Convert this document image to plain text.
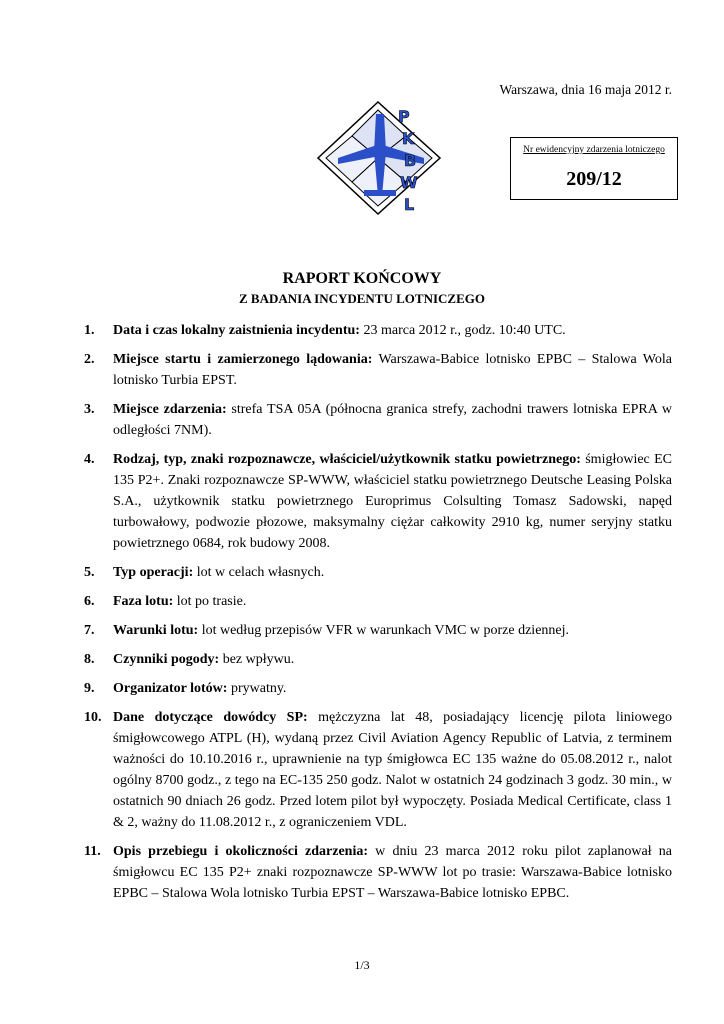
Warszawa, dnia 16 maja 2012 r.
P
K
B
W
L
Nr ewidencyjny zdarzenia lotniczego
209/12
RAPORT KOŃCOWY
Z BADANIA INCYDENTU LOTNICZEGO
1. Data i czas lokalny zaistnienia incydentu: 23 marca 2012 r., godz. 10:40 UTC.
2. Miejsce startu i zamierzonego lądowania: Warszawa-Babice lotnisko EPBC – Stalowa Wola lotnisko Turbia EPST.
3. Miejsce zdarzenia: strefa TSA 05A (północna granica strefy, zachodni trawers lotniska EPRA w odległości 7NM).
4. Rodzaj, typ, znaki rozpoznawcze, właściciel/użytkownik statku powietrznego: śmigłowiec EC 135 P2+. Znaki rozpoznawcze SP-WWW, właściciel statku powietrznego Deutsche Leasing Polska S.A., użytkownik statku powietrznego Europrimus Colsulting Tomasz Sadowski, napęd turbowałowy, podwozie płozowe, maksymalny ciężar całkowity 2910 kg, numer seryjny statku powietrznego 0684, rok budowy 2008.
5. Typ operacji: lot w celach własnych.
6. Faza lotu: lot po trasie.
7. Warunki lotu: lot według przepisów VFR w warunkach VMC w porze dziennej.
8. Czynniki pogody: bez wpływu.
9. Organizator lotów: prywatny.
10. Dane dotyczące dowódcy SP: mężczyzna lat 48, posiadający licencję pilota liniowego śmigłowcowego ATPL (H), wydaną przez Civil Aviation Agency Republic of Latvia, z terminem ważności do 10.10.2016 r., uprawnienie na typ śmigłowca EC 135 ważne do 05.08.2012 r., nalot ogólny 8700 godz., z tego na EC-135 250 godz. Nalot w ostatnich 24 godzinach 3 godz. 30 min., w ostatnich 90 dniach 26 godz. Przed lotem pilot był wypoczęty. Posiada Medical Certificate, class 1 & 2, ważny do 11.08.2012 r., z ograniczeniem VDL.
11. Opis przebiegu i okoliczności zdarzenia: w dniu 23 marca 2012 roku pilot zaplanował na śmigłowcu EC 135 P2+ znaki rozpoznawcze SP-WWW lot po trasie: Warszawa-Babice lotnisko EPBC – Stalowa Wola lotnisko Turbia EPST – Warszawa-Babice lotnisko EPBC.
1/3
